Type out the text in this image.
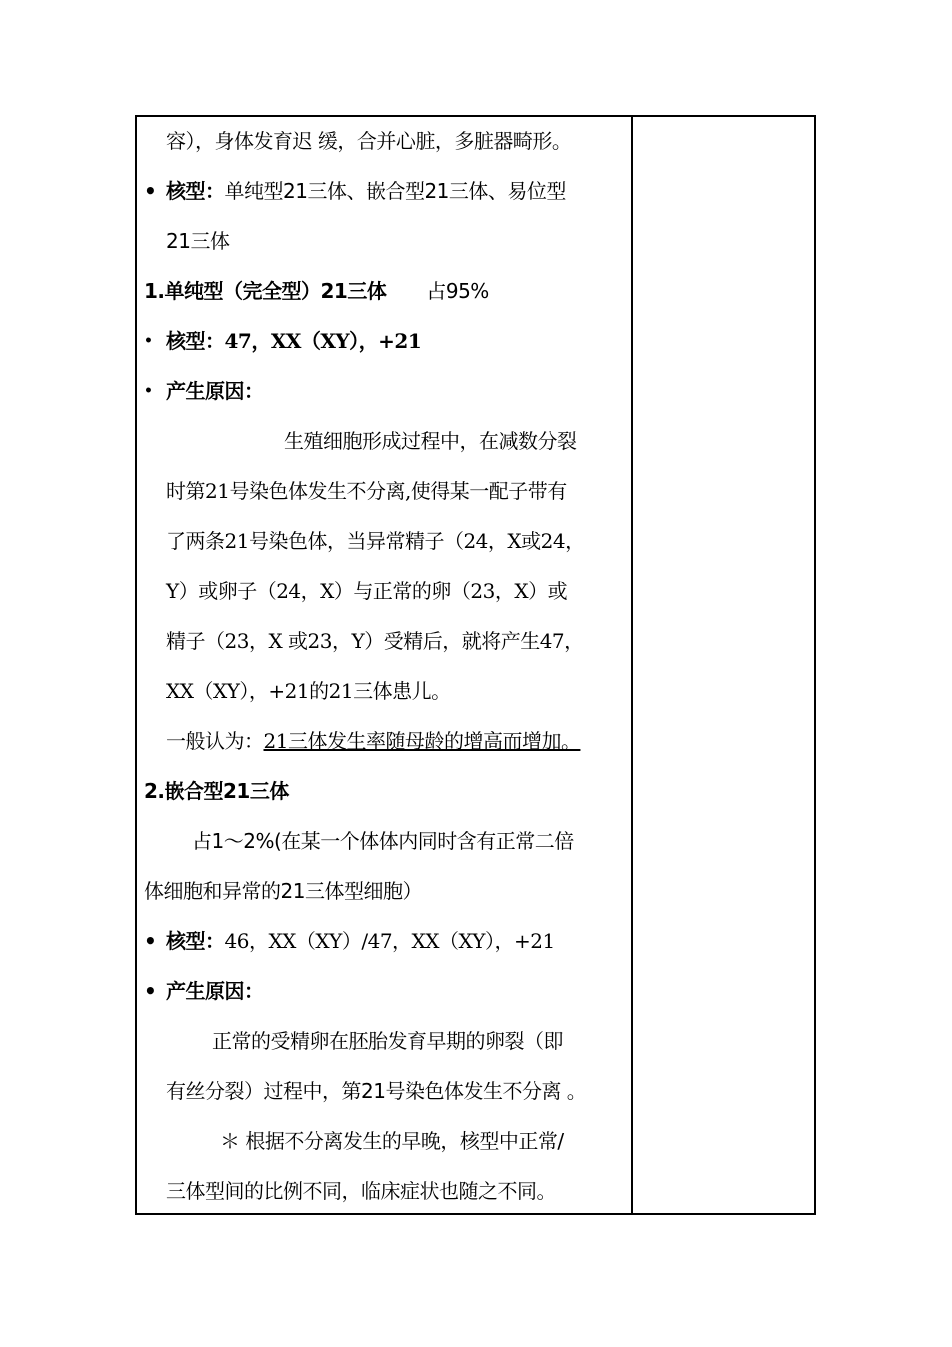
容），身体发育迟 缓，合并心脏，多脏器畸形。
• 核型：单纯型21三体、嵌合型21三体、易位型
21三体
1.单纯型（完全型）21三体 占95%
• 核型：47，XX（XY），+21
• 产生原因：
生殖细胞形成过程中，在减数分裂
时第21号染色体发生不分离,使得某一配子带有
了两条21号染色体，当异常精子（24，X或24，
Y）或卵子（24，X）与正常的卵（23，X）或
精子（23，X 或23，Y）受精后，就将产生47，
XX（XY），+21的21三体患儿。
一般认为：21三体发生率随母龄的增高而增加。
2.嵌合型21三体
占1～2%(在某一个体体内同时含有正常二倍
体细胞和异常的21三体型细胞）
• 核型：46，XX（XY）/47，XX（XY），+21
• 产生原因：
正常的受精卵在胚胎发育早期的卵裂（即
有丝分裂）过程中，第21号染色体发生不分离 。
＊ 根据不分离发生的早晚，核型中正常/
三体型间的比例不同，临床症状也随之不同。
